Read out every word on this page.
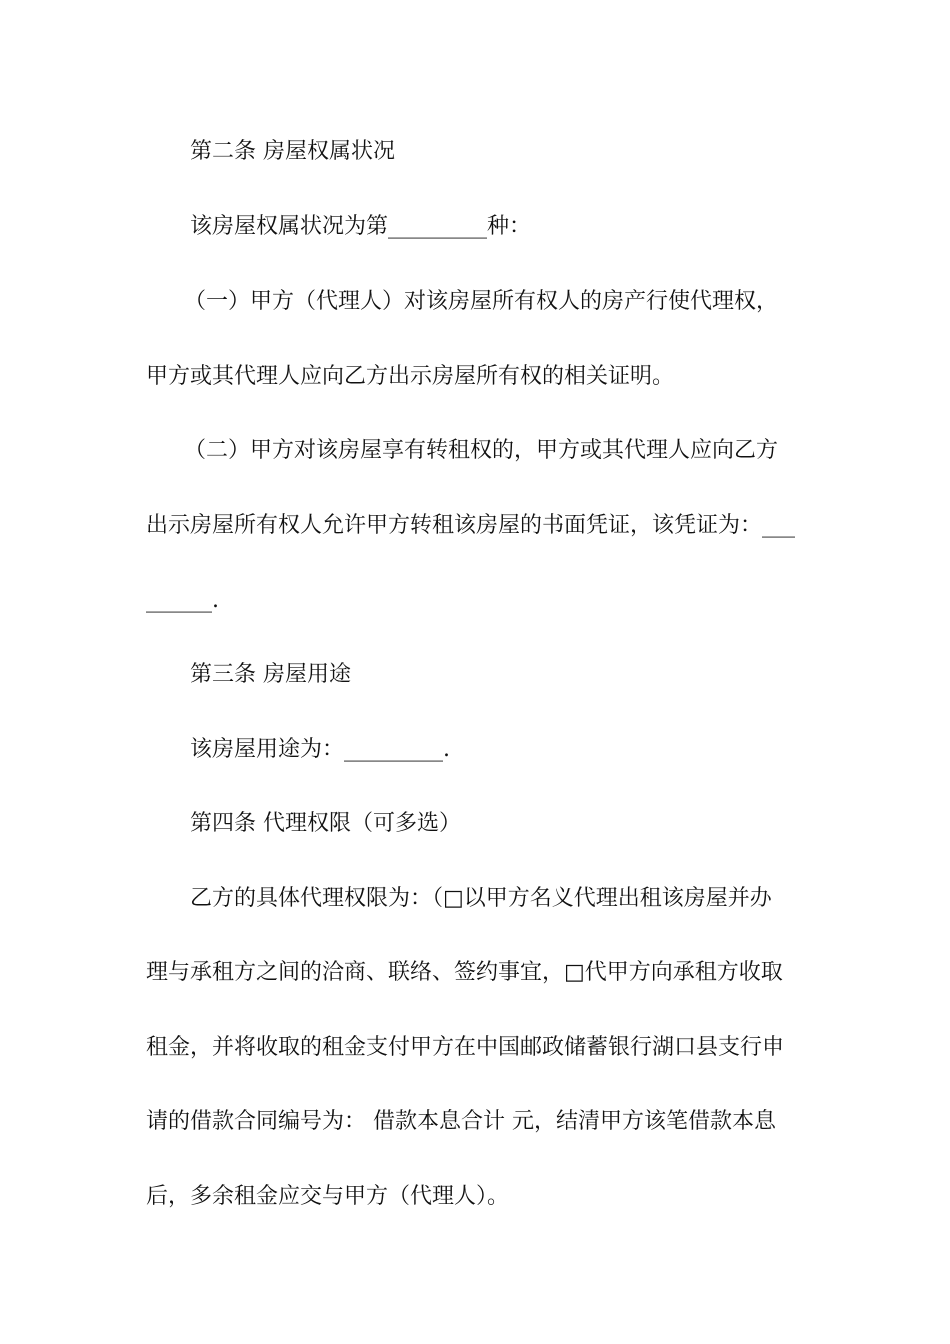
第二条 房屋权属状况
该房屋权属状况为第_________种：
（一）甲方（代理人）对该房屋所有权人的房产行使代理权，
甲方或其代理人应向乙方出示房屋所有权的相关证明。
（二）甲方对该房屋享有转租权的，甲方或其代理人应向乙方
出示房屋所有权人允许甲方转租该房屋的书面凭证，该凭证为：___
______.
第三条 房屋用途
该房屋用途为：_________.
第四条 代理权限（可多选）
乙方的具体代理权限为：（□以甲方名义代理出租该房屋并办
理与承租方之间的洽商、联络、签约事宜，□代甲方向承租方收取
租金，并将收取的租金支付甲方在中国邮政储蓄银行湖口县支行申
请的借款合同编号为： 借款本息合计 元，结清甲方该笔借款本息
后，多余租金应交与甲方（代理人）。
